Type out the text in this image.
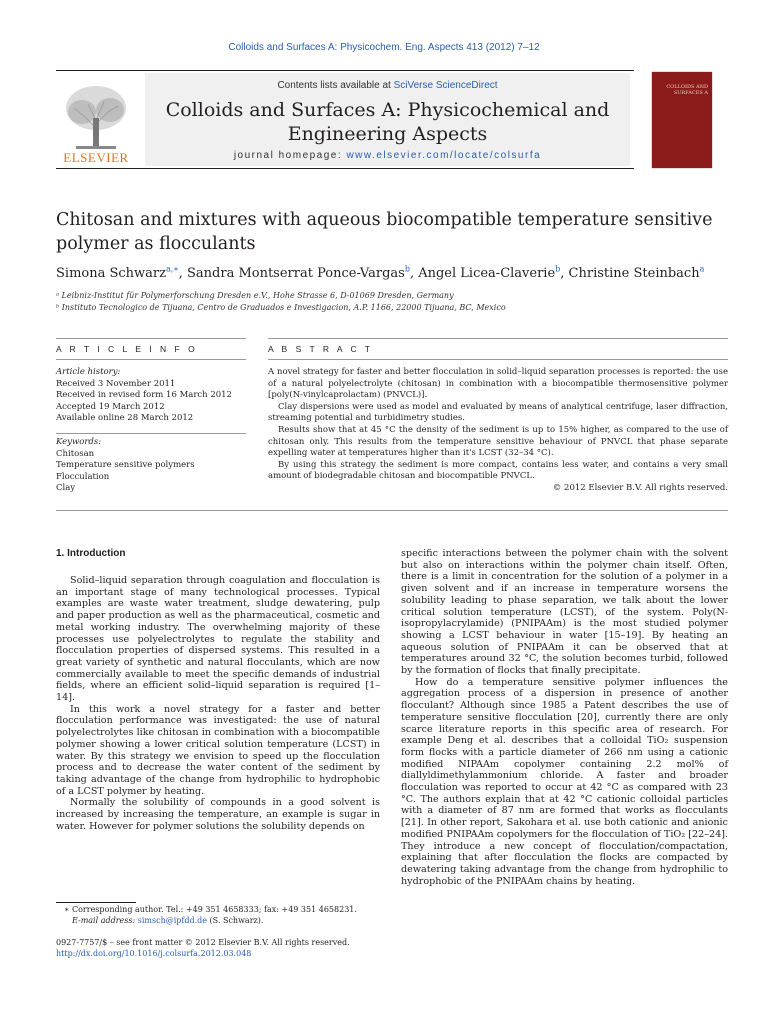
Colloids and Surfaces A: Physicochem. Eng. Aspects 413 (2012) 7–12
ELSEVIER
Contents lists available at SciVerse ScienceDirect
Colloids and Surfaces A: Physicochemical and
Engineering Aspects
journal homepage: www.elsevier.com/locate/colsurfa
COLLOIDS AND SURFACES A
Chitosan and mixtures with aqueous biocompatible temperature sensitive
polymer as flocculants
Simona Schwarz$^{a,∗}$, Sandra Montserrat Ponce-Vargas$^b$, Angel Licea-Claverie$^b$, Christine Steinbach$^a$
ᵃ Leibniz-Institut für Polymerforschung Dresden e.V., Hohe Strasse 6, D-01069 Dresden, Germany
ᵇ Instituto Tecnologico de Tijuana, Centro de Graduados e Investigacion, A.P. 1166, 22000 Tijuana, BC, Mexico
A R T I C L E I N F O
Article history:
Received 3 November 2011
Received in revised form 16 March 2012
Accepted 19 March 2012
Available online 28 March 2012
Keywords:
Chitosan
Temperature sensitive polymers
Flocculation
Clay
A B S T R A C T

A novel strategy for faster and better flocculation in solid–liquid separation processes is reported: the use of a natural polyelectrolyte (chitosan) in combination with a biocompatible thermosensitive polymer [poly(N-vinylcaprolactam) (PNVCL)].

Clay dispersions were used as model and evaluated by means of analytical centrifuge, laser diffraction, streaming potential and turbidimetry studies.

Results show that at 45 °C the density of the sediment is up to 15% higher, as compared to the use of chitosan only. This results from the temperature sensitive behaviour of PNVCL that phase separate expelling water at temperatures higher than it's LCST (32–34 °C).

By using this strategy the sediment is more compact, contains less water, and contains a very small amount of biodegradable chitosan and biocompatible PNVCL.

© 2012 Elsevier B.V. All rights reserved.

1. Introduction

Solid–liquid separation through coagulation and flocculation is an important stage of many technological processes. Typical examples are waste water treatment, sludge dewatering, pulp and paper production as well as the pharmaceutical, cosmetic and metal working industry. The overwhelming majority of these processes use polyelectrolytes to regulate the stability and flocculation properties of dispersed systems. This resulted in a great variety of synthetic and natural flocculants, which are now commercially available to meet the specific demands of industrial fields, where an efficient solid–liquid separation is required [1–14].

In this work a novel strategy for a faster and better flocculation performance was investigated: the use of natural polyelectrolytes like chitosan in combination with a biocompatible polymer showing a lower critical solution temperature (LCST) in water. By this strategy we envision to speed up the flocculation process and to decrease the water content of the sediment by taking advantage of the change from hydrophilic to hydrophobic of a LCST polymer by heating.

Normally the solubility of compounds in a good solvent is increased by increasing the temperature, an example is sugar in water. However for polymer solutions the solubility depends on

specific interactions between the polymer chain with the solvent but also on interactions within the polymer chain itself. Often, there is a limit in concentration for the solution of a polymer in a given solvent and if an increase in temperature worsens the solubility leading to phase separation, we talk about the lower critical solution temperature (LCST), of the system. Poly(N-isopropylacrylamide) (PNIPAAm) is the most studied polymer showing a LCST behaviour in water [15–19]. By heating an aqueous solution of PNIPAAm it can be observed that at temperatures around 32 °C, the solution becomes turbid, followed by the formation of flocks that finally precipitate.

How do a temperature sensitive polymer influences the aggregation process of a dispersion in presence of another flocculant? Although since 1985 a Patent describes the use of temperature sensitive flocculation [20], currently there are only scarce literature reports in this specific area of research. For example Deng et al. describes that a colloidal TiO₂ suspension form flocks with a particle diameter of 266 nm using a cationic modified NIPAAm copolymer containing 2.2 mol% of diallyldimethylammonium chloride. A faster and broader flocculation was reported to occur at 42 °C as compared with 23 °C. The authors explain that at 42 °C cationic colloidal particles with a diameter of 87 nm are formed that works as flocculants [21]. In other report, Sakohara et al. use both cationic and anionic modified PNIPAAm copolymers for the flocculation of TiO₂ [22–24]. They introduce a new concept of flocculation/compactation, explaining that after flocculation the flocks are compacted by dewatering taking advantage from the change from hydrophilic to hydrophobic of the PNIPAAm chains by heating.

∗ Corresponding author. Tel.: +49 351 4658333; fax: +49 351 4658231.
E-mail address: simsch@ipfdd.de (S. Schwarz).
0927-7757/$ – see front matter © 2012 Elsevier B.V. All rights reserved.
http://dx.doi.org/10.1016/j.colsurfa.2012.03.048
